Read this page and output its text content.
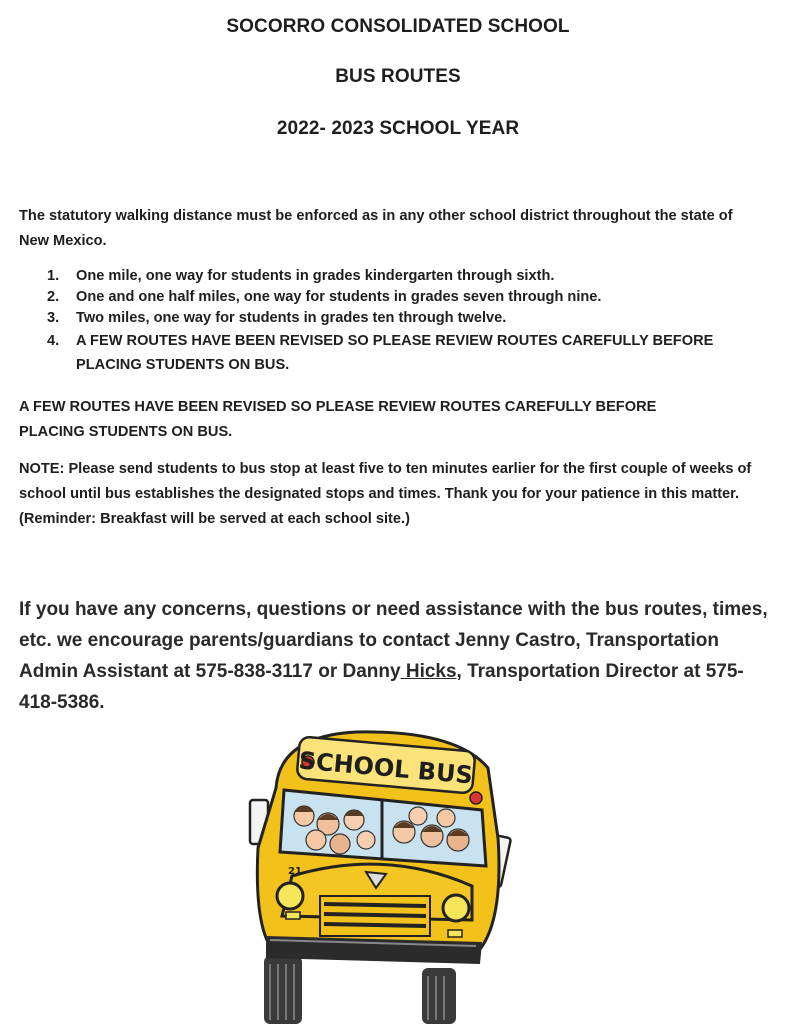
SOCORRO CONSOLIDATED SCHOOL
BUS ROUTES
2022- 2023 SCHOOL YEAR
The statutory walking distance must be enforced as in any other school district throughout the state of New Mexico.
1.	One mile, one way for students in grades kindergarten through sixth.
2.	One and one half miles, one way for students in grades seven through nine.
3.	Two miles, one way for students in grades ten through twelve.
4.	A FEW ROUTES HAVE BEEN REVISED SO PLEASE REVIEW ROUTES CAREFULLY BEFORE PLACING STUDENTS ON BUS.
A FEW ROUTES HAVE BEEN REVISED SO PLEASE REVIEW ROUTES CAREFULLY BEFORE PLACING STUDENTS ON BUS.
NOTE: Please send students to bus stop at least five to ten minutes earlier for the first couple of weeks of school until bus establishes the designated stops and times. Thank you for your patience in this matter. (Reminder: Breakfast will be served at each school site.)
If you have any concerns, questions or need assistance with the bus routes, times, etc. we encourage parents/guardians to contact Jenny Castro, Transportation Admin Assistant at 575-838-3117 or Danny Hicks, Transportation Director at 575-418-5386.
SCHOOL BUS
21
